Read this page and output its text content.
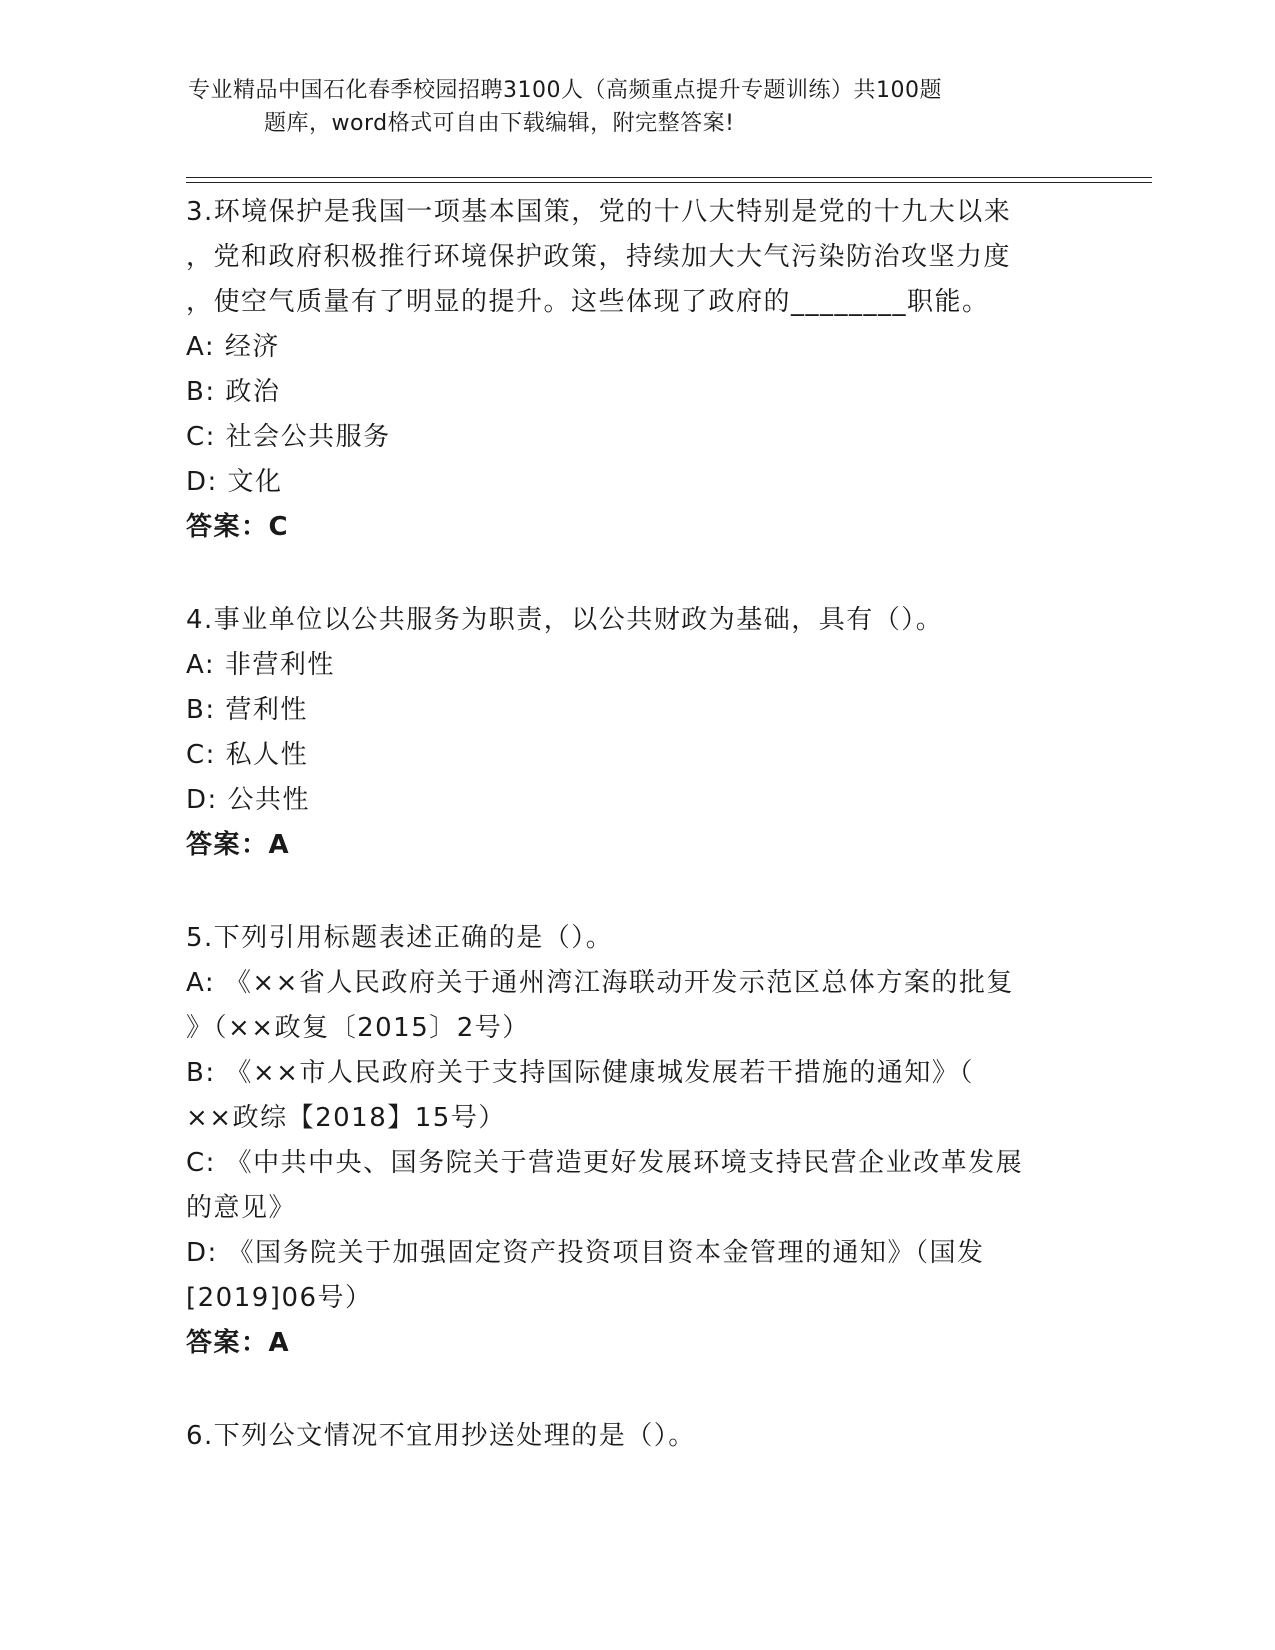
专业精品中国石化春季校园招聘3100人（高频重点提升专题训练）共100题
题库，word格式可自由下载编辑，附完整答案!

3.环境保护是我国一项基本国策，党的十八大特别是党的十九大以来

，党和政府积极推行环境保护政策，持续加大大气污染防治攻坚力度

，使空气质量有了明显的提升。这些体现了政府的________职能。

A: 经济

B: 政治

C: 社会公共服务

D: 文化

答案：C

4.事业单位以公共服务为职责，以公共财政为基础，具有（）。

A: 非营利性

B: 营利性

C: 私人性

D: 公共性

答案：A

5.下列引用标题表述正确的是（）。

A: 《××省人民政府关于通州湾江海联动开发示范区总体方案的批复

》（××政复〔2015〕2号）

B: 《××市人民政府关于支持国际健康城发展若干措施的通知》（

××政综【2018】15号）

C: 《中共中央、国务院关于营造更好发展环境支持民营企业改革发展

的意见》

D: 《国务院关于加强固定资产投资项目资本金管理的通知》（国发

[2019]06号）

答案：A

6.下列公文情况不宜用抄送处理的是（）。
